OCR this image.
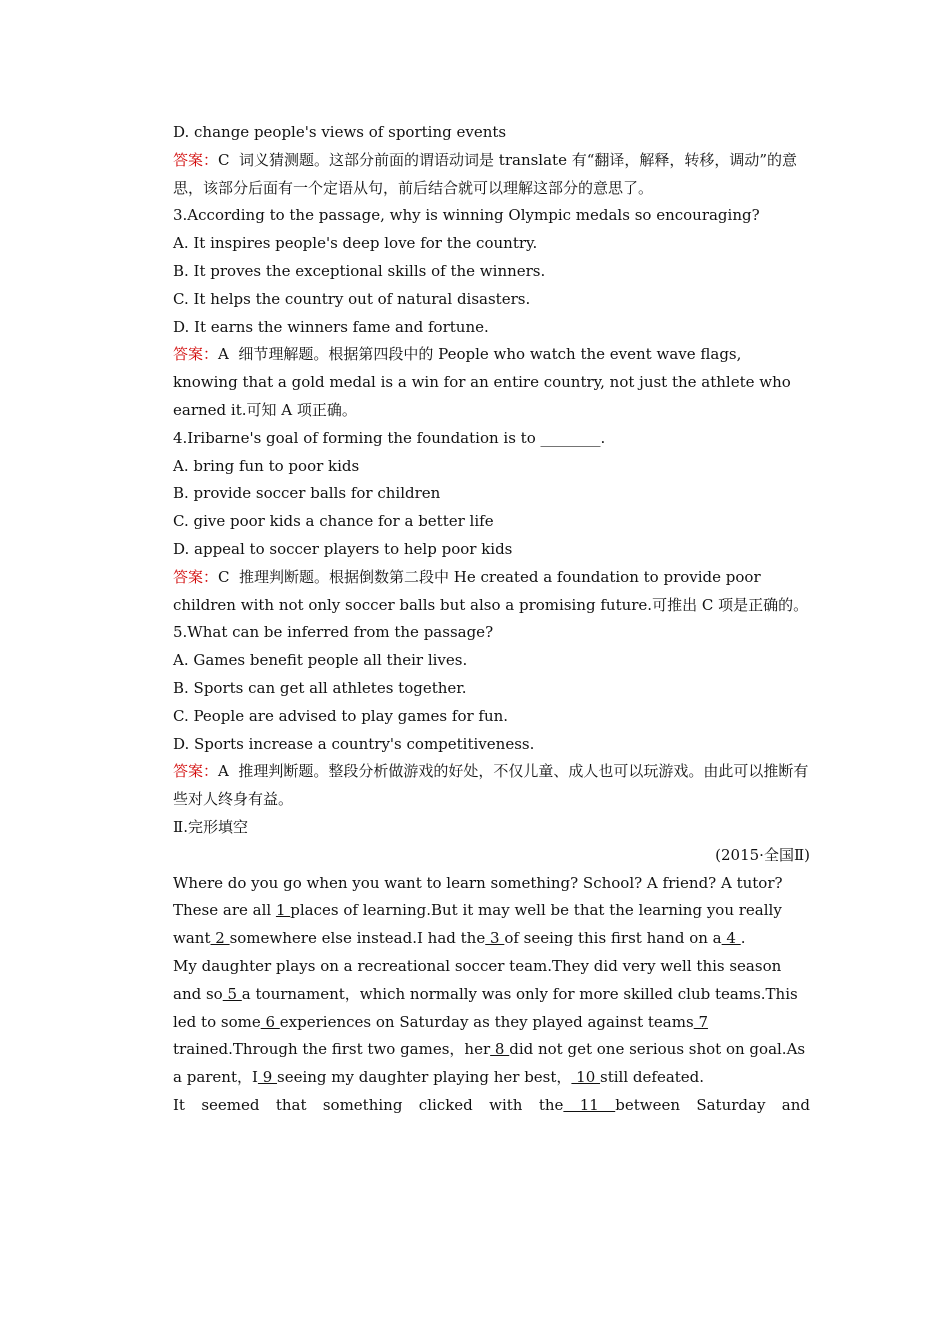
D. change people's views of sporting events
答案：C  词义猜测题。这部分前面的谓语动词是 translate 有“翻译，解释，转移，调动”的意思，该部分后面有一个定语从句，前后结合就可以理解这部分的意思了。
3.According to the passage, why is winning Olympic medals so encouraging?
A. It inspires people's deep love for the country.
B. It proves the exceptional skills of the winners.
C. It helps the country out of natural disasters.
D. It earns the winners fame and fortune.
答案：A  细节理解题。根据第四段中的 People who watch the event wave flags, knowing that a gold medal is a win for an entire country, not just the athlete who earned it.可知 A 项正确。
4.Iribarne's goal of forming the foundation is to ________.
A. bring fun to poor kids
B. provide soccer balls for children
C. give poor kids a chance for a better life
D. appeal to soccer players to help poor kids
答案：C  推理判断题。根据倒数第二段中 He created a foundation to provide poor children with not only soccer balls but also a promising future.可推出 C 项是正确的。
5.What can be inferred from the passage?
A. Games benefit people all their lives.
B. Sports can get all athletes together.
C. People are advised to play games for fun.
D. Sports increase a country's competitiveness.
答案：A  推理判断题。整段分析做游戏的好处，不仅儿童、成人也可以玩游戏。由此可以推断有些对人终身有益。
Ⅱ.完形填空
(2015·全国Ⅱ)
Where do you go when you want to learn something? School? A friend? A tutor? These are all 1 places of learning.But it may well be that the learning you really want 2 somewhere else instead.I had the 3 of seeing this first hand on a 4 .
My daughter plays on a recreational soccer team.They did very well this season and so 5 a tournament，which normally was only for more skilled club teams.This led to some 6 experiences on Saturday as they played against teams 7 trained.Through the first two games，her 8 did not get one serious shot on goal.As a parent，I 9 seeing my daughter playing her best， 10 still defeated.
It seemed that something clicked with the 11 between Saturday and
